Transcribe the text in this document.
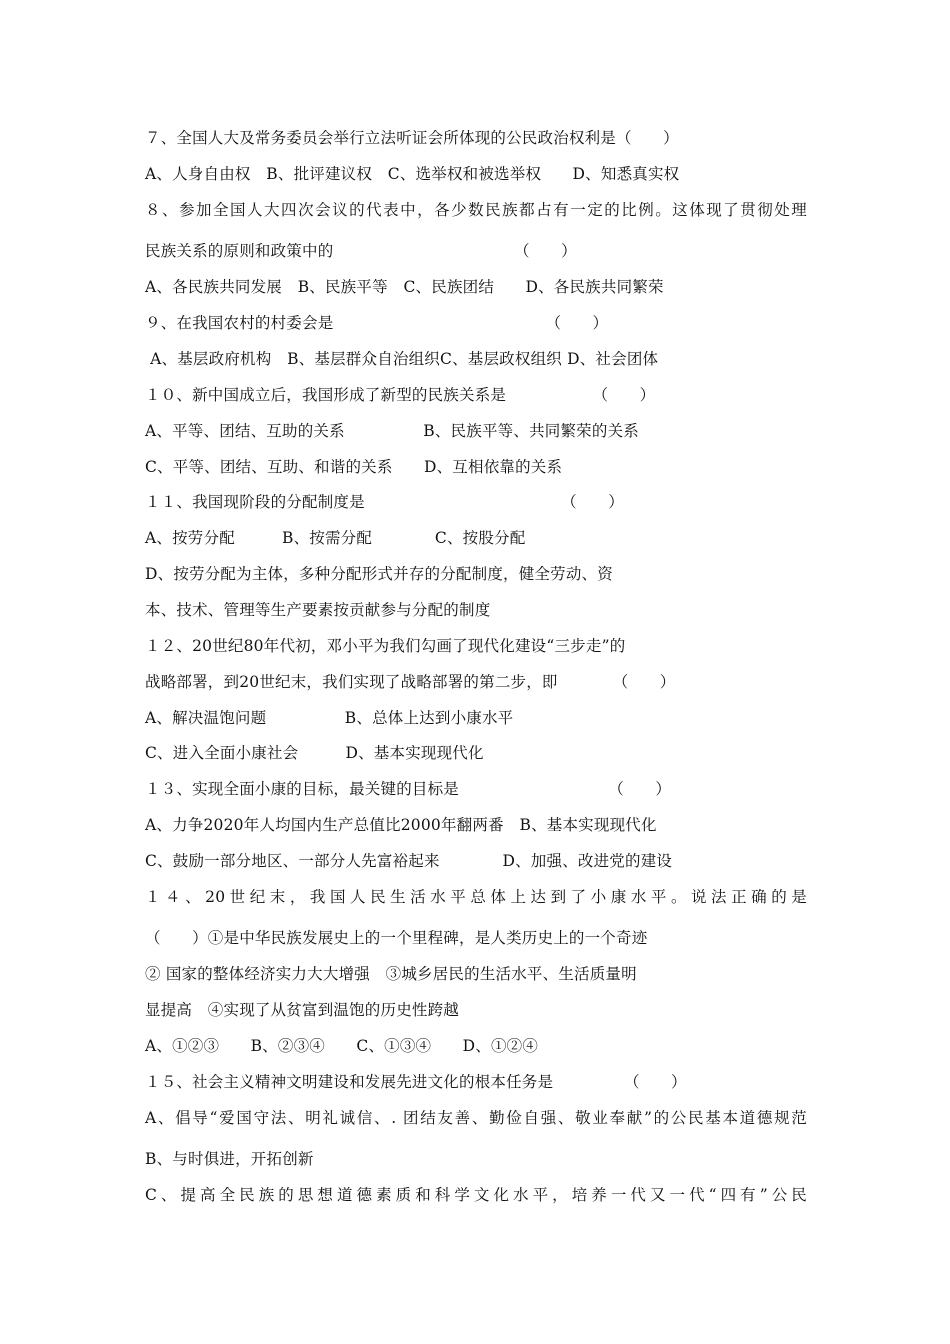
７、全国人大及常务委员会举行立法听证会所体现的公民政治权利是（　　）
A、人身自由权　B、批评建议权　C、选举权和被选举权　　D、知悉真实权
８、参加全国人大四次会议的代表中，各少数民族都占有一定的比例。这体现了贯彻处理
民族关系的原则和政策中的　　　　　　　　　　　　（　　）
A、各民族共同发展　B、民族平等　C、民族团结　　D、各民族共同繁荣
９、在我国农村的村委会是　　　　　　　　　　　　　　（　　）
A、基层政府机构　B、基层群众自治组织C、基层政权组织 D、社会团体
１０、新中国成立后，我国形成了新型的民族关系是　　　　　　（　　）
A、平等、团结、互助的关系　　　　　B、民族平等、共同繁荣的关系
C、平等、团结、互助、和谐的关系　　D、互相依靠的关系
１１、我国现阶段的分配制度是　　　　　　　　　　　　　（　　）
A、按劳分配　　　B、按需分配　　　　C、按股分配
D、按劳分配为主体，多种分配形式并存的分配制度，健全劳动、资
本、技术、管理等生产要素按贡献参与分配的制度
１２、20世纪80年代初，邓小平为我们勾画了现代化建设“三步走”的
战略部署，到20世纪末，我们实现了战略部署的第二步，即　　　　（　　）
A、解决温饱问题　　　　　B、总体上达到小康水平
C、进入全面小康社会　　　D、基本实现现代化
１３、实现全面小康的目标，最关键的目标是　　　　　　　　　　（　　）
A、力争2020年人均国内生产总值比2000年翻两番　B、基本实现现代化
C、鼓励一部分地区、一部分人先富裕起来　　　　D、加强、改进党的建设
１４、20世纪末，我国人民生活水平总体上达到了小康水平。说法正确的是
（　　）①是中华民族发展史上的一个里程碑，是人类历史上的一个奇迹
② 国家的整体经济实力大大增强　③城乡居民的生活水平、生活质量明
显提高　④实现了从贫富到温饱的历史性跨越
A、①②③　　B、②③④　　C、①③④　　D、①②④
１５、社会主义精神文明建设和发展先进文化的根本任务是　　　　　（　　）
A、倡导“爱国守法、明礼诚信、. 团结友善、勤俭自强、敬业奉献”的公民基本道德规范
B、与时俱进，开拓创新
C、提高全民族的思想道德素质和科学文化水平，培养一代又一代“四有”公民
